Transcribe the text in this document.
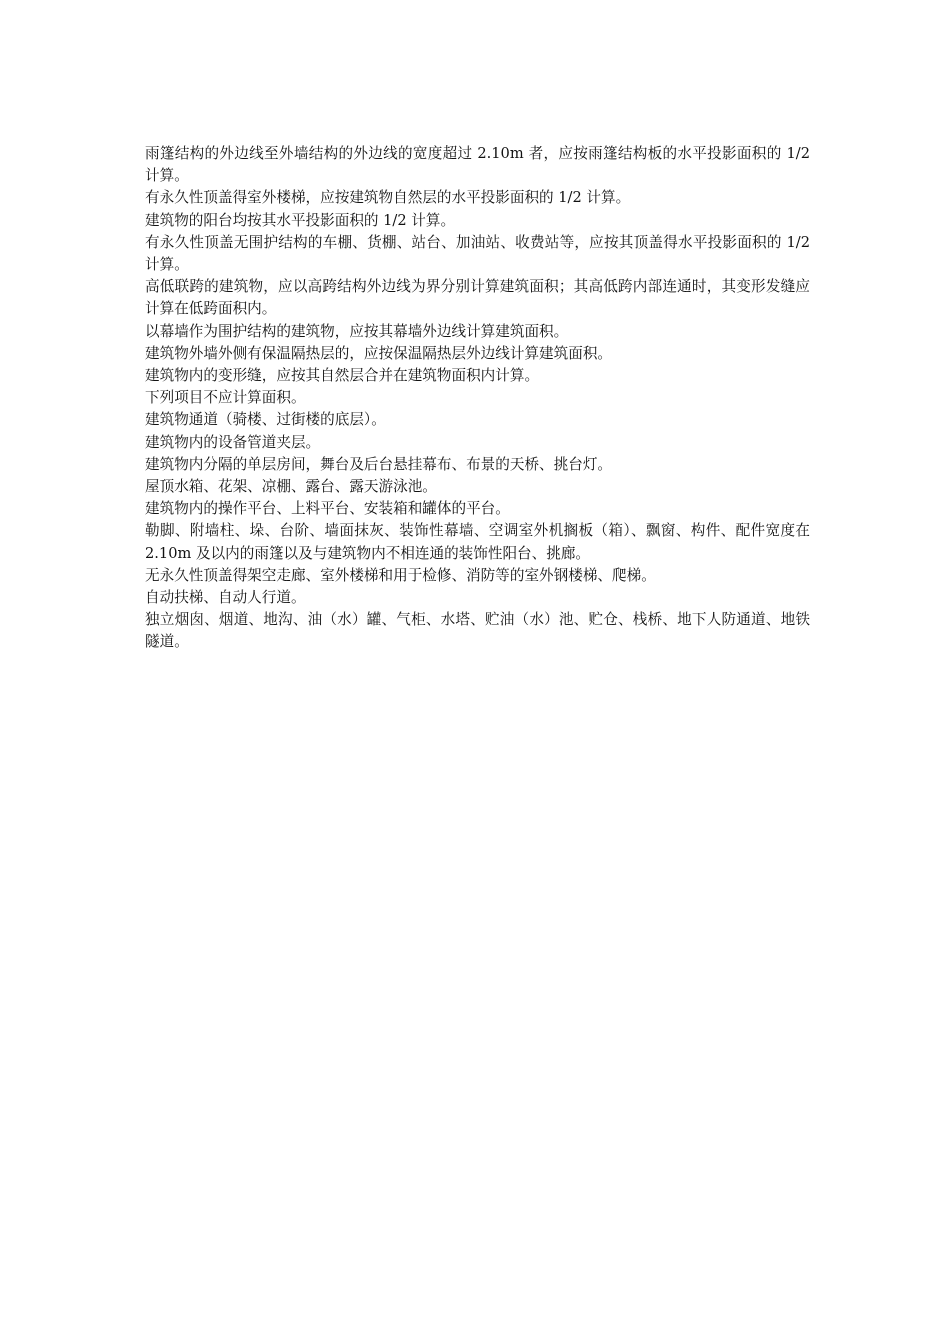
雨篷结构的外边线至外墙结构的外边线的宽度超过 2.10m 者，应按雨篷结构板的水平投影面积的 1/2 计算。

有永久性顶盖得室外楼梯，应按建筑物自然层的水平投影面积的 1/2 计算。

建筑物的阳台均按其水平投影面积的 1/2 计算。

有永久性顶盖无围护结构的车棚、货棚、站台、加油站、收费站等，应按其顶盖得水平投影面积的 1/2 计算。

高低联跨的建筑物，应以高跨结构外边线为界分别计算建筑面积；其高低跨内部连通时，其变形发缝应计算在低跨面积内。

以幕墙作为围护结构的建筑物，应按其幕墙外边线计算建筑面积。

建筑物外墙外侧有保温隔热层的，应按保温隔热层外边线计算建筑面积。

建筑物内的变形缝，应按其自然层合并在建筑物面积内计算。

下列项目不应计算面积。

建筑物通道（骑楼、过街楼的底层）。

建筑物内的设备管道夹层。

建筑物内分隔的单层房间，舞台及后台悬挂幕布、布景的天桥、挑台灯。

屋顶水箱、花架、凉棚、露台、露天游泳池。

建筑物内的操作平台、上料平台、安装箱和罐体的平台。

勒脚、附墙柱、垛、台阶、墙面抹灰、装饰性幕墙、空调室外机搁板（箱）、飘窗、构件、配件宽度在 2.10m 及以内的雨篷以及与建筑物内不相连通的装饰性阳台、挑廊。

无永久性顶盖得架空走廊、室外楼梯和用于检修、消防等的室外钢楼梯、爬梯。

自动扶梯、自动人行道。

独立烟囱、烟道、地沟、油（水）罐、气柜、水塔、贮油（水）池、贮仓、栈桥、地下人防通道、地铁隧道。
